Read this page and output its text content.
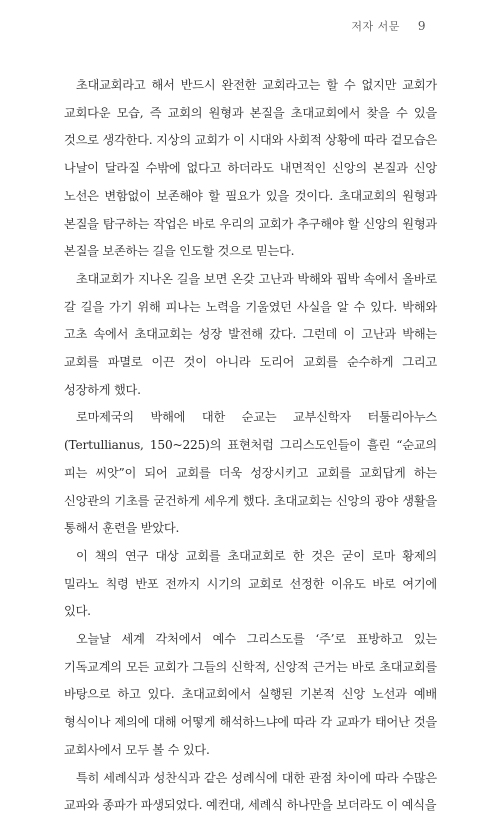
저자 서문 9

초대교회라고 해서 반드시 완전한 교회라고는 할 수 없지만 교회가 교회다운 모습, 즉 교회의 원형과 본질을 초대교회에서 찾을 수 있을 것으로 생각한다. 지상의 교회가 이 시대와 사회적 상황에 따라 겉모습은 나날이 달라질 수밖에 없다고 하더라도 내면적인 신앙의 본질과 신앙 노선은 변함없이 보존해야 할 필요가 있을 것이다. 초대교회의 원형과 본질을 탐구하는 작업은 바로 우리의 교회가 추구해야 할 신앙의 원형과 본질을 보존하는 길을 인도할 것으로 믿는다.

초대교회가 지나온 길을 보면 온갖 고난과 박해와 핍박 속에서 올바로 갈 길을 가기 위해 피나는 노력을 기울였던 사실을 알 수 있다. 박해와 고초 속에서 초대교회는 성장 발전해 갔다. 그런데 이 고난과 박해는 교회를 파멸로 이끈 것이 아니라 도리어 교회를 순수하게 그리고 성장하게 했다.

로마제국의 박해에 대한 순교는 교부신학자 터툴리아누스(Tertullianus, 150~225)의 표현처럼 그리스도인들이 흘린 “순교의 피는 씨앗”이 되어 교회를 더욱 성장시키고 교회를 교회답게 하는 신앙관의 기초를 굳건하게 세우게 했다. 초대교회는 신앙의 광야 생활을 통해서 훈련을 받았다.

이 책의 연구 대상 교회를 초대교회로 한 것은 굳이 로마 황제의 밀라노 칙령 반포 전까지 시기의 교회로 선정한 이유도 바로 여기에 있다.

오늘날 세계 각처에서 예수 그리스도를 ‘주’로 표방하고 있는 기독교계의 모든 교회가 그들의 신학적, 신앙적 근거는 바로 초대교회를 바탕으로 하고 있다. 초대교회에서 실행된 기본적 신앙 노선과 예배 형식이나 제의에 대해 어떻게 해석하느냐에 따라 각 교파가 태어난 것을 교회사에서 모두 볼 수 있다.

특히 세례식과 성찬식과 같은 성례식에 대한 관점 차이에 따라 수많은 교파와 종파가 파생되었다. 예컨대, 세례식 하나만을 보더라도 이 예식을
